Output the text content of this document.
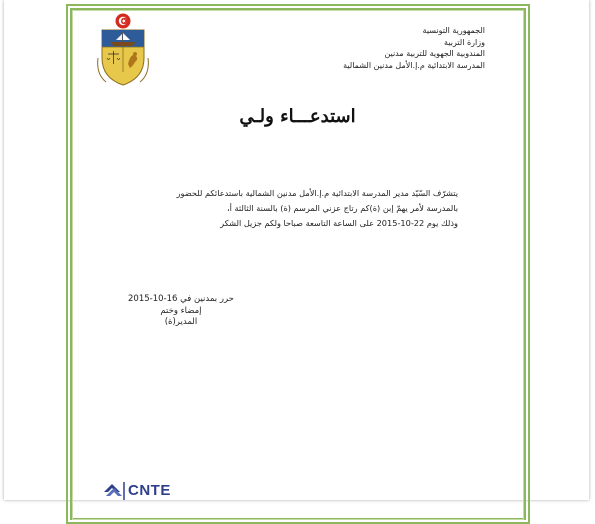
الجمهورية التونسية
وزارة التربية
المندوبية الجهوية للتربية مدنين
المدرسة الابتدائية م.إ.الأمل مدنين الشمالية
استدعـــاء ولـي
يتشرّف السّيّد مدير المدرسة الابتدائية م.إ.الأمل مدنين الشمالية باستدعائكم للحضور
بالمدرسة لأمر يهمّ إبن (ة)كم رتاج عزني المرسم (ة) بالسنة الثالثة أ،
وذلك يوم 22-10-2015 على الساعة التاسعة صباحا ولكم جزيل الشكر
حرر بمدنين في 16-10-2015
إمضاء وختم
المدير(ة)
CNTE
